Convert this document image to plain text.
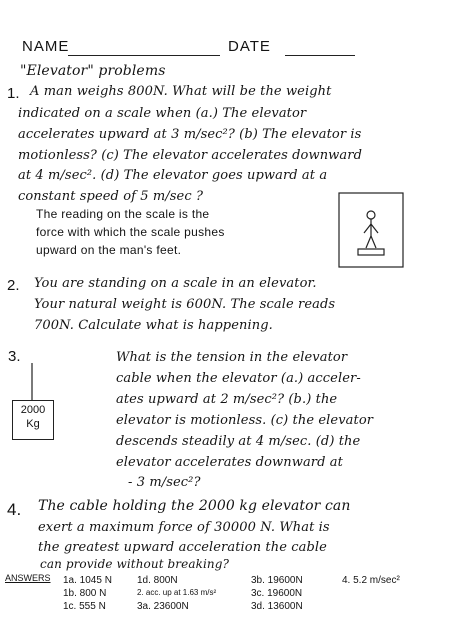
NAME	DATE
"Elevator" problems
1. A man weighs 800N. What will be the weight
indicated on a scale when (a.) The elevator
accelerates upward at 3 m/sec²? (b) The elevator is
motionless? (c) The elevator accelerates downward
at 4 m/sec². (d) The elevator goes upward at a
constant speed of 5 m/sec ?
The reading on the scale is the
force with which the scale pushes
upward on the man's feet.
2. You are standing on a scale in an elevator.
Your natural weight is 600N. The scale reads
700N. Calculate what is happening.
3.
2000
Kg
What is the tension in the elevator
cable when the elevator (a.) acceler-
ates upward at 2 m/sec²? (b.) the
elevator is motionless. (c) the elevator
descends steadily at 4 m/sec. (d) the
elevator accelerates downward at
- 3 m/sec²?
4. The cable holding the 2000 kg elevator can
exert a maximum force of 30000 N. What is
the greatest upward acceleration the cable
can provide without breaking?
ANSWERS 1a. 1045 N
1b. 800 N
1c. 555 N
1d. 800N
2. acc. up at 1.63 m/s²
3a. 23600N
3b. 19600N
3c. 19600N
3d. 13600N
4. 5.2 m/sec²
